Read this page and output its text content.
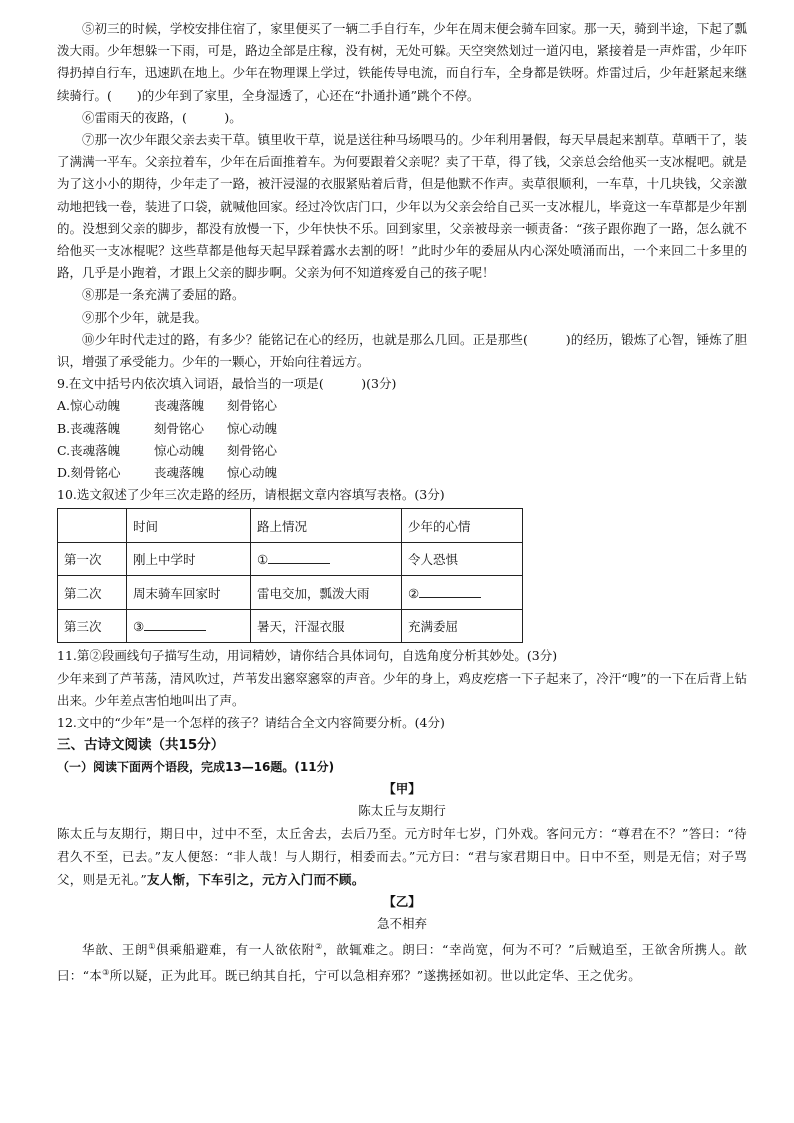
⑤初三的时候，学校安排住宿了，家里便买了一辆二手自行车，少年在周末便会骑车回家。那一天，骑到半途，下起了瓢泼大雨。少年想躲一下雨，可是，路边全部是庄稼，没有树，无处可躲。天空突然划过一道闪电，紧接着是一声炸雷，少年吓得扔掉自行车，迅速趴在地上。少年在物理课上学过，铁能传导电流，而自行车，全身都是铁呀。炸雷过后，少年赶紧起来继续骑行。(　　)的少年到了家里，全身湿透了，心还在“扑通扑通”跳个不停。

⑥雷雨天的夜路，(　　　)。

⑦那一次少年跟父亲去卖干草。镇里收干草，说是送往种马场喂马的。少年利用暑假，每天早晨起来割草。草晒干了，装了满满一平车。父亲拉着车，少年在后面推着车。为何要跟着父亲呢？卖了干草，得了钱，父亲总会给他买一支冰棍吧。就是为了这小小的期待，少年走了一路，被汗浸湿的衣服紧贴着后背，但是他默不作声。卖草很顺利，一车草，十几块钱，父亲激动地把钱一卷，装进了口袋，就喊他回家。经过冷饮店门口，少年以为父亲会给自己买一支冰棍儿，毕竟这一车草都是少年割的。没想到父亲的脚步，都没有放慢一下，少年快快不乐。回到家里，父亲被母亲一顿责备：“孩子跟你跑了一路，怎么就不给他买一支冰棍呢？这些草都是他每天起早踩着露水去割的呀！”此时少年的委屈从内心深处喷涌而出，一个来回二十多里的路，几乎是小跑着，才跟上父亲的脚步啊。父亲为何不知道疼爱自己的孩子呢！

⑧那是一条充满了委屈的路。

⑨那个少年，就是我。

⑩少年时代走过的路，有多少？能铭记在心的经历，也就是那么几回。正是那些(　　　)的经历，锻炼了心智，锤炼了胆识，增强了承受能力。少年的一颗心，开始向往着远方。

9.在文中括号内依次填入词语，最恰当的一项是(　　　)(3分)

A.惊心动魄	丧魂落魄	刻骨铭心
B.丧魂落魄	刻骨铭心	惊心动魄
C.丧魂落魄	惊心动魄	刻骨铭心
D.刻骨铭心	丧魂落魄	惊心动魄

10.选文叙述了少年三次走路的经历，请根据文章内容填写表格。(3分)

	时间	路上情况	少年的心情
第一次	刚上中学时	①	令人恐惧
第二次	周末骑车回家时	雷电交加，瓢泼大雨	②
第三次	③	暑天，汗湿衣服	充满委屈

11.第②段画线句子描写生动，用词精妙，请你结合具体词句，自选角度分析其妙处。(3分)

少年来到了芦苇荡，清风吹过，芦苇发出窸窣窸窣的声音。少年的身上，鸡皮疙瘩一下子起来了，冷汗“嗖”的一下在后背上钻出来。少年差点害怕地叫出了声。

12.文中的“少年”是一个怎样的孩子？请结合全文内容简要分析。(4分)

三、古诗文阅读（共15分）

（一）阅读下面两个语段，完成13—16题。(11分)

【甲】

陈太丘与友期行

陈太丘与友期行，期日中，过中不至，太丘舍去，去后乃至。元方时年七岁，门外戏。客问元方：“尊君在不？”答曰：“待君久不至，已去。”友人便怒：“非人哉！与人期行，相委而去。”元方曰：“君与家君期日中。日中不至，则是无信；对子骂父，则是无礼。”友人惭，下车引之，元方入门而不顾。

【乙】

急不相弃

华歆、王朗①俱乘船避难，有一人欲依附②，歆辄难之。朗曰：“幸尚宽，何为不可？”后贼追至，王欲舍所携人。歆曰：“本③所以疑，正为此耳。既已纳其自托，宁可以急相弃邪？”遂携拯如初。世以此定华、王之优劣。
